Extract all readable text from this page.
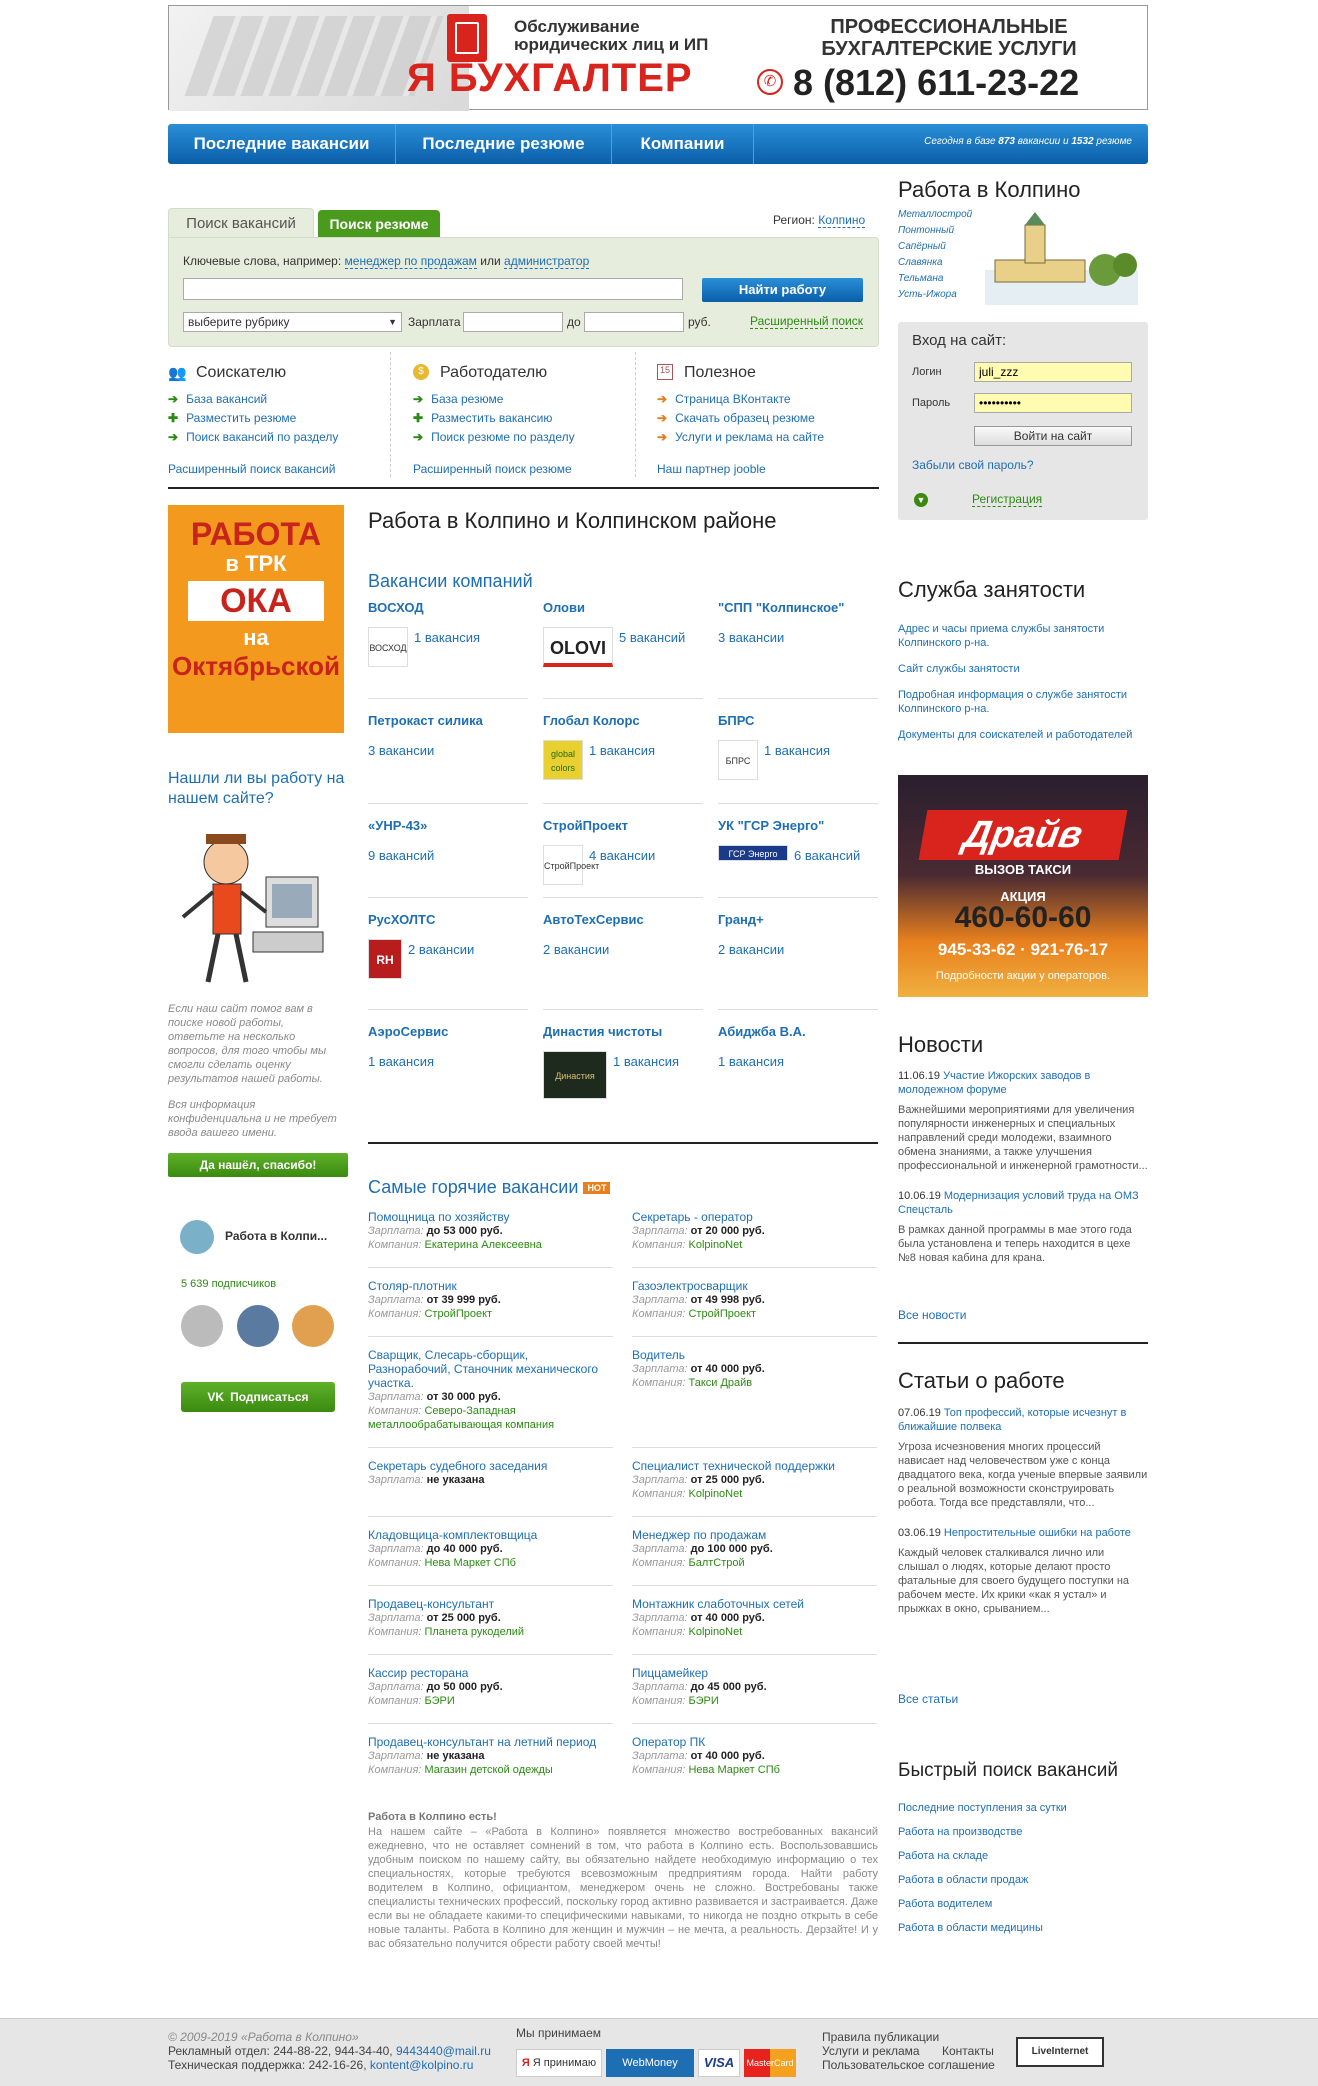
Обслуживание юридических лиц и ИП
Я БУХГАЛТЕР
ПРОФЕССИОНАЛЬНЫЕ БУХГАЛТЕРСКИЕ УСЛУГИ
✆ 8 (812) 611-23-22
Последние вакансии	Последние резюме	Компании	Сегодня в базе 873 вакансии и 1532 резюме
Поиск вакансий	Поиск резюме	Регион: Колпино
Ключевые слова, например: менеджер по продажам или администратор
Найти работу
выберите рубрику	▼ Зарплата	до	руб.	Расширенный поиск
👥 Соискателю
➔ База вакансий
✚ Разместить резюме
➔ Поиск вакансий по разделу
Расширенный поиск вакансий
$	Работодателю
➔ База резюме
✚ Разместить вакансию
➔ Поиск резюме по разделу
Расширенный поиск резюме
15 Полезное
➔ Страница ВКонтакте
➔ Скачать образец резюме
➔ Услуги и реклама на сайте
Наш партнер jooble
РАБОТА
в ТРК
ОКА
на
Октябрьской
Нашли ли вы работу на нашем сайте?
Если наш сайт помог вам в поиске новой работы, ответьте на несколько вопросов, для того чтобы мы смогли сделать оценку результатов нашей работы.
Вся информация конфиденциальна и не требует ввода вашего имени.
Да нашёл, спасибо!
Работа в Колпи...
5 639 подписчиков
VK Подписаться
Работа в Колпино и Колпинском районе
Вакансии компаний
ВОСХОД
ВОСХОД
1 вакансия
Олови
OLOVI
5 вакансий
"СПП "Колпинское"
3 вакансии
Петрокаст силика
3 вакансии
Глобал Колорс
global colors
1 вакансия
БПРС
БПРС
1 вакансия
«УНР-43»
9 вакансий
СтройПроект
СтройПроект
4 вакансии
УК "ГСР Энерго"
ГСР Энерго	6 вакансий
РусХОЛТС
RH
2 вакансии
АвтоТехСервис
2 вакансии
Гранд+
2 вакансии
АэроСервис
1 вакансия
Династия чистоты
Династия
1 вакансия
Абиджба В.А.
1 вакансия
Самые горячие вакансии HOT
Помощница по хозяйству
Зарплата: до 53 000 руб.
Компания: Екатерина Алексеевна
Секретарь - оператор
Зарплата: от 20 000 руб.
Компания: KolpinoNet
Столяр-плотник
Зарплата: от 39 999 руб.
Компания: СтройПроект
Газоэлектросварщик
Зарплата: от 49 998 руб.
Компания: СтройПроект
Сварщик, Слесарь-сборщик, Разнорабочий, Станочник механического участка.
Зарплата: от 30 000 руб.
Компания: Северо-Западная металлообрабатывающая компания
Водитель
Зарплата: от 40 000 руб.
Компания: Такси Драйв
Секретарь судебного заседания
Зарплата: не указана
Специалист технической поддержки
Зарплата: от 25 000 руб.
Компания: KolpinoNet
Кладовщица-комплектовщица
Зарплата: до 40 000 руб.
Компания: Нева Маркет СПб
Менеджер по продажам
Зарплата: до 100 000 руб.
Компания: БалтСтрой
Продавец-консультант
Зарплата: от 25 000 руб.
Компания: Планета рукоделий
Монтажник слаботочных сетей
Зарплата: от 40 000 руб.
Компания: KolpinoNet
Кассир ресторана
Зарплата: до 50 000 руб.
Компания: БЭРИ
Пиццамейкер
Зарплата: до 45 000 руб.
Компания: БЭРИ
Продавец-консультант на летний период
Зарплата: не указана
Компания: Магазин детской одежды
Оператор ПК
Зарплата: от 40 000 руб.
Компания: Нева Маркет СПб
Работа в Колпино есть!
На нашем сайте – «Работа в Колпино» появляется множество востребованных вакансий ежедневно, что не оставляет сомнений в том, что работа в Колпино есть. Воспользовавшись удобным поиском по нашему сайту, вы обязательно найдете необходимую информацию о тех специальностях, которые требуются всевозможным предприятиям города. Найти работу водителем в Колпино, официантом, менеджером очень не сложно. Востребованы также специалисты технических профессий, поскольку город активно развивается и застраивается. Даже если вы не обладаете какими-то специфическими навыками, то никогда не поздно открыть в себе новые таланты. Работа в Колпино для женщин и мужчин – не мечта, а реальность. Дерзайте! И у вас обязательно получится обрести работу своей мечты!
Работа в Колпино
Металлострой
Понтонный
Сапёрный
Славянка
Тельмана
Усть-Ижора
Вход на сайт:
Логин
juli_zzz
Пароль
••••••••••
Войти на сайт
Забыли свой пароль?
▼	Регистрация
Служба занятости
Адрес и часы приема службы занятости Колпинского р-на.
Сайт службы занятости
Подробная информация о службе занятости Колпинского р-на.
Документы для соискателей и работодателей
Драйв
ВЫЗОВ ТАКСИ
АКЦИЯ
460-60-60
945-33-62 · 921-76-17
Подробности акции у операторов.
Новости
11.06.19 Участие Ижорских заводов в молодежном форуме
Важнейшими мероприятиями для увеличения популярности инженерных и специальных направлений среди молодежи, взаимного обмена знаниями, а также улучшения профессиональной и инженерной грамотности...
10.06.19 Модернизация условий труда на ОМЗ Спецсталь
В рамках данной программы в мае этого года была установлена и теперь находится в цехе №8 новая кабина для крана.
Все новости
Статьи о работе
07.06.19 Топ профессий, которые исчезнут в ближайшие полвека
Угроза исчезновения многих процессий нависает над человечеством уже с конца двадцатого века, когда ученые впервые заявили о реальной возможности сконструировать робота. Тогда все представляли, что...
03.06.19 Непростительные ошибки на работе
Каждый человек сталкивался лично или слышал о людях, которые делают просто фатальные для своего будущего поступки на рабочем месте. Их крики «как я устал» и прыжках в окно, срыванием...
Все статьи
Быстрый поиск вакансий
Последние поступления за сутки
Работа на производстве
Работа на складе
Работа в области продаж
Работа водителем
Работа в области медицины
© 2009-2019 «Работа в Колпино»
Рекламный отдел: 244-88-22, 944-34-40, 9443440@mail.ru
Техническая поддержка: 242-16-26, kontent@kolpino.ru
Мы принимаем
Я Я принимаю	WebMoney	VISA	MasterCard
Правила публикации
Услуги и реклама Контакты
Пользовательское соглашение
LiveInternet
